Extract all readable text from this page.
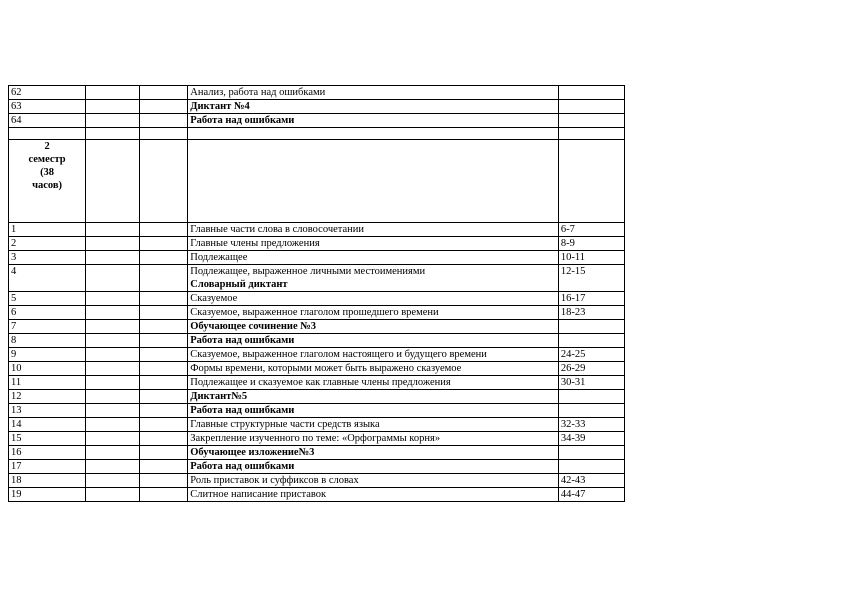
62			Анализ, работа над ошибками	
63			Диктант №4	
64			Работа над ошибками	

2
семестр
(38
часов)				

1			Главные части слова в словосочетании	6-7
2			Главные члены предложения	8-9
3			Подлежащее	10-11
4			Подлежащее, выраженное личными местоимениями
Словарный диктант	12-15
5			Сказуемое	16-17
6			Сказуемое, выраженное глаголом прошедшего времени	18-23
7			Обучающее сочинение №3	

8			Работа над ошибками	

9			Сказуемое, выраженное глаголом настоящего и будущего времени	24-25
10			Формы времени, которыми может быть выражено сказуемое	26-29
11			Подлежащее и сказуемое как главные члены предложения	30-31
12			Диктант№5	

13			Работа над ошибками	

14			Главные структурные части средств языка	32-33
15			Закрепление изученного по теме: «Орфограммы корня»	34-39
16			Обучающее изложение№3	

17			Работа над ошибками	

18			Роль приставок и суффиксов в словах	42-43
19			Слитное написание приставок	44-47
